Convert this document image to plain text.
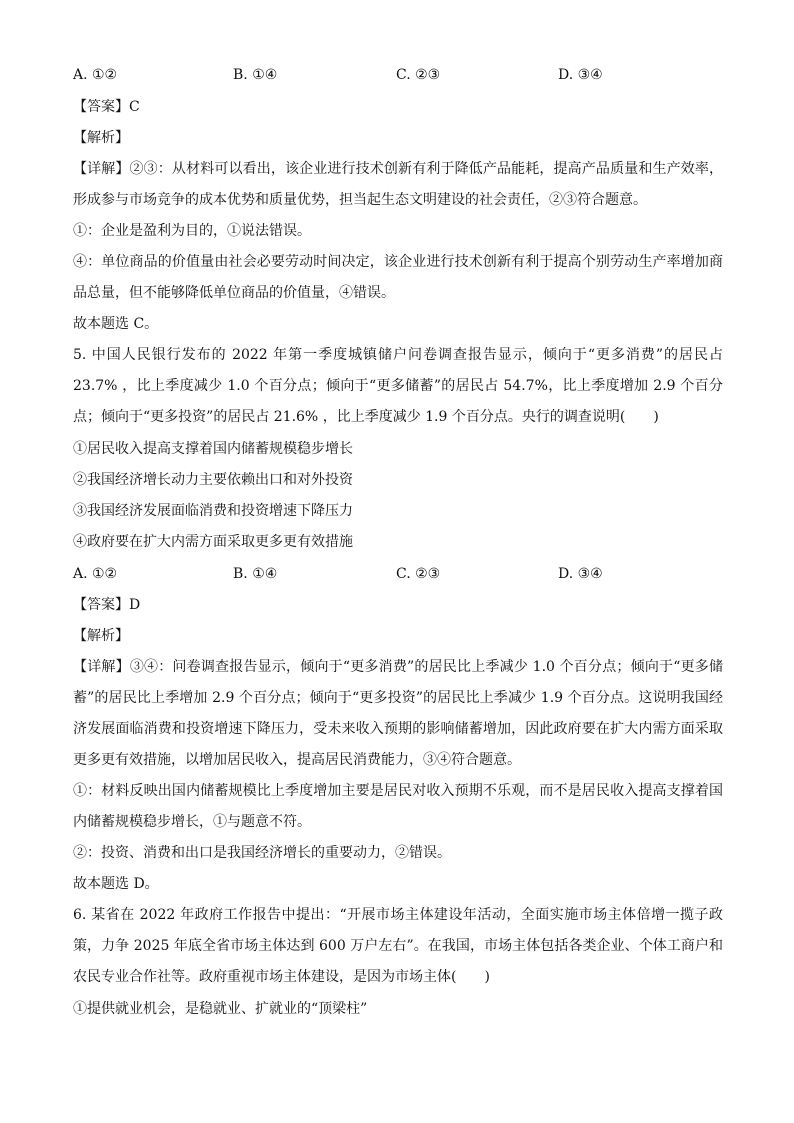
A. ①②	B. ①④	C. ②③	D. ③④
【答案】C
【解析】
【详解】②③：从材料可以看出，该企业进行技术创新有利于降低产品能耗，提高产品质量和生产效率，形成参与市场竞争的成本优势和质量优势，担当起生态文明建设的社会责任，②③符合题意。
①：企业是盈利为目的，①说法错误。
④：单位商品的价值量由社会必要劳动时间决定，该企业进行技术创新有利于提高个别劳动生产率增加商品总量，但不能够降低单位商品的价值量，④错误。
故本题选 C。
5. 中国人民银行发布的 2022 年第一季度城镇储户问卷调查报告显示，倾向于“更多消费”的居民占 23.7% ，比上季度减少 1.0 个百分点；倾向于“更多储蓄”的居民占 54.7%，比上季度增加 2.9 个百分点；倾向于“更多投资”的居民占 21.6% ，比上季度减少 1.9 个百分点。央行的调查说明(　　)
①居民收入提高支撑着国内储蓄规模稳步增长
②我国经济增长动力主要依赖出口和对外投资
③我国经济发展面临消费和投资增速下降压力
④政府要在扩大内需方面采取更多更有效措施
A. ①②	B. ①④	C. ②③	D. ③④
【答案】D
【解析】
【详解】③④：问卷调查报告显示，倾向于“更多消费”的居民比上季减少 1.0 个百分点；倾向于“更多储蓄”的居民比上季增加 2.9 个百分点；倾向于“更多投资”的居民比上季减少 1.9 个百分点。这说明我国经济发展面临消费和投资增速下降压力，受未来收入预期的影响储蓄增加，因此政府要在扩大内需方面采取更多更有效措施，以增加居民收入，提高居民消费能力，③④符合题意。
①：材料反映出国内储蓄规模比上季度增加主要是居民对收入预期不乐观，而不是居民收入提高支撑着国内储蓄规模稳步增长，①与题意不符。
②：投资、消费和出口是我国经济增长的重要动力，②错误。
故本题选 D。
6. 某省在 2022 年政府工作报告中提出：“开展市场主体建设年活动，全面实施市场主体倍增一揽子政策，力争 2025 年底全省市场主体达到 600 万户左右”。在我国，市场主体包括各类企业、个体工商户和农民专业合作社等。政府重视市场主体建设，是因为市场主体(　　)
①提供就业机会，是稳就业、扩就业的“顶梁柱”
